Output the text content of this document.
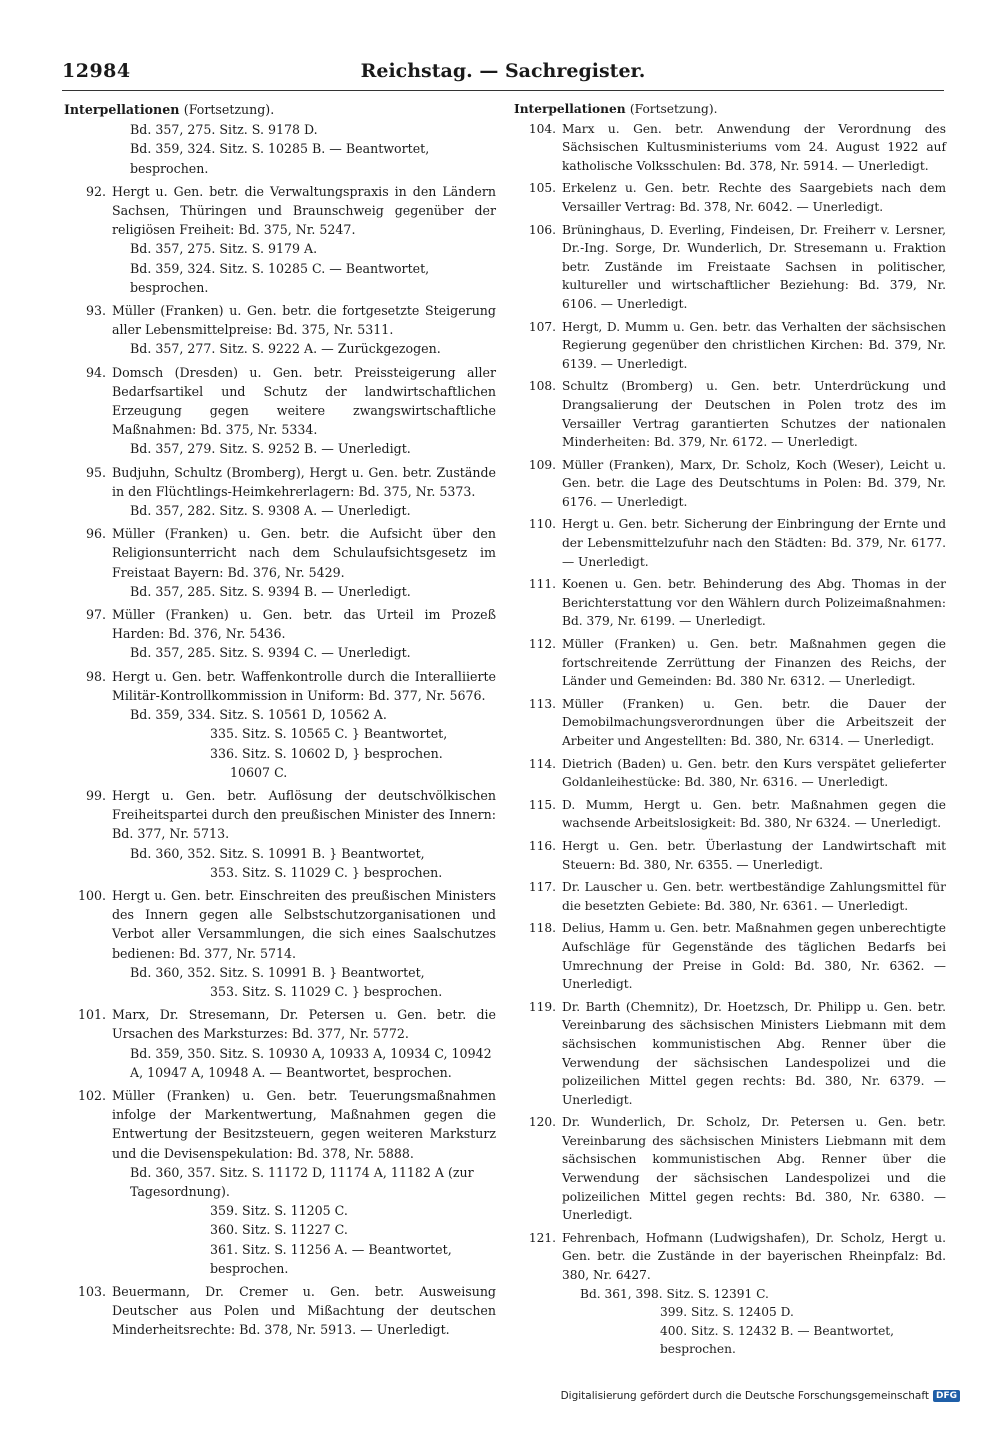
12984	Reichstag. — Sachregister.
Interpellationen (Fortsetzung).
Bd. 357, 275. Sitz. S. 9178 D.
Bd. 359, 324. Sitz. S. 10285 B. — Beantwortet, besprochen.
92. Hergt u. Gen. betr. die Verwaltungspraxis in den Ländern Sachsen, Thüringen und Braunschweig gegenüber der religiösen Freiheit: Bd. 375, Nr. 5247.
Bd. 357, 275. Sitz. S. 9179 A.
Bd. 359, 324. Sitz. S. 10285 C. — Beantwortet, besprochen.
93. Müller (Franken) u. Gen. betr. die fortgesetzte Steigerung aller Lebensmittelpreise: Bd. 375, Nr. 5311.
Bd. 357, 277. Sitz. S. 9222 A. — Zurückgezogen.
94. Domsch (Dresden) u. Gen. betr. Preissteigerung aller Bedarfsartikel und Schutz der landwirtschaftlichen Erzeugung gegen weitere zwangswirtschaftliche Maßnahmen: Bd. 375, Nr. 5334.
Bd. 357, 279. Sitz. S. 9252 B. — Unerledigt.
95. Budjuhn, Schultz (Bromberg), Hergt u. Gen. betr. Zustände in den Flüchtlings-Heimkehrerlagern: Bd. 375, Nr. 5373.
Bd. 357, 282. Sitz. S. 9308 A. — Unerledigt.
96. Müller (Franken) u. Gen. betr. die Aufsicht über den Religionsunterricht nach dem Schulaufsichtsgesetz im Freistaat Bayern: Bd. 376, Nr. 5429.
Bd. 357, 285. Sitz. S. 9394 B. — Unerledigt.
97. Müller (Franken) u. Gen. betr. das Urteil im Prozeß Harden: Bd. 376, Nr. 5436.
Bd. 357, 285. Sitz. S. 9394 C. — Unerledigt.
98. Hergt u. Gen. betr. Waffenkontrolle durch die Interalliierte Militär-Kontrollkommission in Uniform: Bd. 377, Nr. 5676.
Bd. 359, 334. Sitz. S. 10561 D, 10562 A.
335. Sitz. S. 10565 C. } Beantwortet,
336. Sitz. S. 10602 D, } besprochen.
10607 C.
99. Hergt u. Gen. betr. Auflösung der deutschvölkischen Freiheitspartei durch den preußischen Minister des Innern: Bd. 377, Nr. 5713.
Bd. 360, 352. Sitz. S. 10991 B. } Beantwortet,
353. Sitz. S. 11029 C. } besprochen.
100. Hergt u. Gen. betr. Einschreiten des preußischen Ministers des Innern gegen alle Selbstschutzorganisationen und Verbot aller Versammlungen, die sich eines Saalschutzes bedienen: Bd. 377, Nr. 5714.
Bd. 360, 352. Sitz. S. 10991 B. } Beantwortet,
353. Sitz. S. 11029 C. } besprochen.
101. Marx, Dr. Stresemann, Dr. Petersen u. Gen. betr. die Ursachen des Marksturzes: Bd. 377, Nr. 5772.
Bd. 359, 350. Sitz. S. 10930 A, 10933 A, 10934 C, 10942 A, 10947 A, 10948 A. — Beantwortet, besprochen.
102. Müller (Franken) u. Gen. betr. Teuerungsmaßnahmen infolge der Markentwertung, Maßnahmen gegen die Entwertung der Besitzsteuern, gegen weiteren Marksturz und die Devisenspekulation: Bd. 378, Nr. 5888.
Bd. 360, 357. Sitz. S. 11172 D, 11174 A, 11182 A (zur Tagesordnung).
359. Sitz. S. 11205 C.
360. Sitz. S. 11227 C.
361. Sitz. S. 11256 A. — Beantwortet, besprochen.
103. Beuermann, Dr. Cremer u. Gen. betr. Ausweisung Deutscher aus Polen und Mißachtung der deutschen Minderheitsrechte: Bd. 378, Nr. 5913. — Unerledigt.
Interpellationen (Fortsetzung).
104. Marx u. Gen. betr. Anwendung der Verordnung des Sächsischen Kultusministeriums vom 24. August 1922 auf katholische Volksschulen: Bd. 378, Nr. 5914. — Unerledigt.
105. Erkelenz u. Gen. betr. Rechte des Saargebiets nach dem Versailler Vertrag: Bd. 378, Nr. 6042. — Unerledigt.
106. Brüninghaus, D. Everling, Findeisen, Dr. Freiherr v. Lersner, Dr.-Ing. Sorge, Dr. Wunderlich, Dr. Stresemann u. Fraktion betr. Zustände im Freistaate Sachsen in politischer, kultureller und wirtschaftlicher Beziehung: Bd. 379, Nr. 6106. — Unerledigt.
107. Hergt, D. Mumm u. Gen. betr. das Verhalten der sächsischen Regierung gegenüber den christlichen Kirchen: Bd. 379, Nr. 6139. — Unerledigt.
108. Schultz (Bromberg) u. Gen. betr. Unterdrückung und Drangsalierung der Deutschen in Polen trotz des im Versailler Vertrag garantierten Schutzes der nationalen Minderheiten: Bd. 379, Nr. 6172. — Unerledigt.
109. Müller (Franken), Marx, Dr. Scholz, Koch (Weser), Leicht u. Gen. betr. die Lage des Deutschtums in Polen: Bd. 379, Nr. 6176. — Unerledigt.
110. Hergt u. Gen. betr. Sicherung der Einbringung der Ernte und der Lebensmittelzufuhr nach den Städten: Bd. 379, Nr. 6177. — Unerledigt.
111. Koenen u. Gen. betr. Behinderung des Abg. Thomas in der Berichterstattung vor den Wählern durch Polizeimaßnahmen: Bd. 379, Nr. 6199. — Unerledigt.
112. Müller (Franken) u. Gen. betr. Maßnahmen gegen die fortschreitende Zerrüttung der Finanzen des Reichs, der Länder und Gemeinden: Bd. 380 Nr. 6312. — Unerledigt.
113. Müller (Franken) u. Gen. betr. die Dauer der Demobilmachungsverordnungen über die Arbeitszeit der Arbeiter und Angestellten: Bd. 380, Nr. 6314. — Unerledigt.
114. Dietrich (Baden) u. Gen. betr. den Kurs verspätet gelieferter Goldanleihestücke: Bd. 380, Nr. 6316. — Unerledigt.
115. D. Mumm, Hergt u. Gen. betr. Maßnahmen gegen die wachsende Arbeitslosigkeit: Bd. 380, Nr 6324. — Unerledigt.
116. Hergt u. Gen. betr. Überlastung der Landwirtschaft mit Steuern: Bd. 380, Nr. 6355. — Unerledigt.
117. Dr. Lauscher u. Gen. betr. wertbeständige Zahlungsmittel für die besetzten Gebiete: Bd. 380, Nr. 6361. — Unerledigt.
118. Delius, Hamm u. Gen. betr. Maßnahmen gegen unberechtigte Aufschläge für Gegenstände des täglichen Bedarfs bei Umrechnung der Preise in Gold: Bd. 380, Nr. 6362. — Unerledigt.
119. Dr. Barth (Chemnitz), Dr. Hoetzsch, Dr. Philipp u. Gen. betr. Vereinbarung des sächsischen Ministers Liebmann mit dem sächsischen kommunistischen Abg. Renner über die Verwendung der sächsischen Landespolizei und die polizeilichen Mittel gegen rechts: Bd. 380, Nr. 6379. — Unerledigt.
120. Dr. Wunderlich, Dr. Scholz, Dr. Petersen u. Gen. betr. Vereinbarung des sächsischen Ministers Liebmann mit dem sächsischen kommunistischen Abg. Renner über die Verwendung der sächsischen Landespolizei und die polizeilichen Mittel gegen rechts: Bd. 380, Nr. 6380. — Unerledigt.
121. Fehrenbach, Hofmann (Ludwigshafen), Dr. Scholz, Hergt u. Gen. betr. die Zustände in der bayerischen Rheinpfalz: Bd. 380, Nr. 6427.
Bd. 361, 398. Sitz. S. 12391 C.
399. Sitz. S. 12405 D.
400. Sitz. S. 12432 B. — Beantwortet, besprochen.
Digitalisierung gefördert durch die Deutsche Forschungsgemeinschaft DFG
